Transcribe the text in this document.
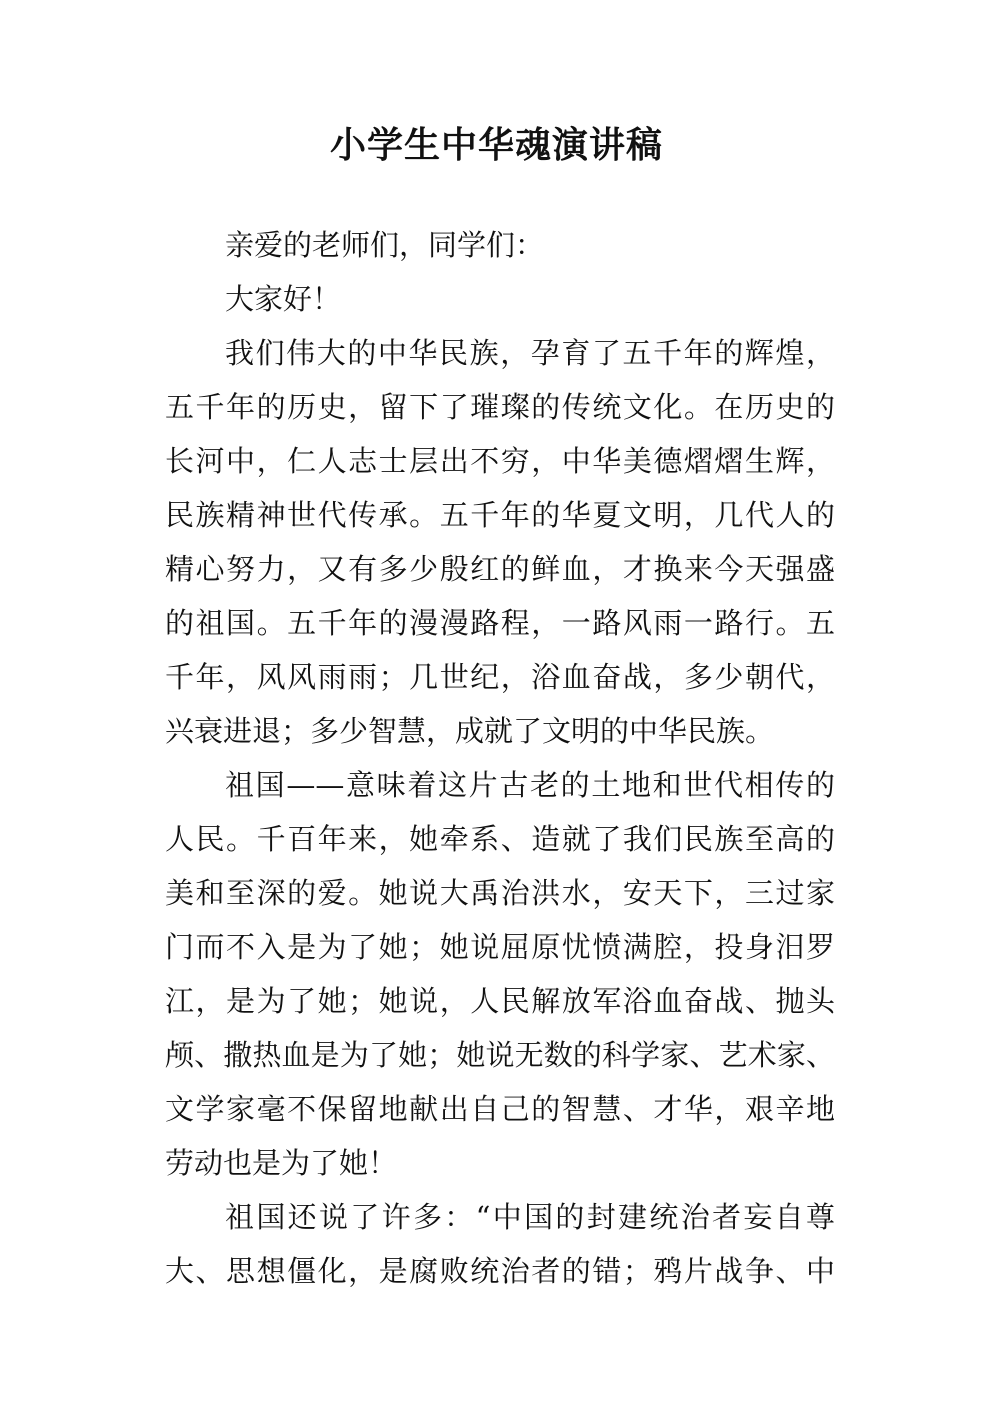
小学生中华魂演讲稿
亲爱的老师们，同学们：
大家好！
我们伟大的中华民族，孕育了五千年的辉煌，
五千年的历史，留下了璀璨的传统文化。在历史的
长河中，仁人志士层出不穷，中华美德熠熠生辉，
民族精神世代传承。五千年的华夏文明，几代人的
精心努力，又有多少殷红的鲜血，才换来今天强盛
的祖国。五千年的漫漫路程，一路风雨一路行。五
千年，风风雨雨；几世纪，浴血奋战，多少朝代，
兴衰进退；多少智慧，成就了文明的中华民族。
祖国——意味着这片古老的土地和世代相传的
人民。千百年来，她牵系、造就了我们民族至高的
美和至深的爱。她说大禹治洪水，安天下，三过家
门而不入是为了她；她说屈原忧愤满腔，投身汨罗
江，是为了她；她说，人民解放军浴血奋战、抛头
颅、撒热血是为了她；她说无数的科学家、艺术家、
文学家毫不保留地献出自己的智慧、才华，艰辛地
劳动也是为了她！
祖国还说了许多：“中国的封建统治者妄自尊
大、思想僵化，是腐败统治者的错；鸦片战争、中
